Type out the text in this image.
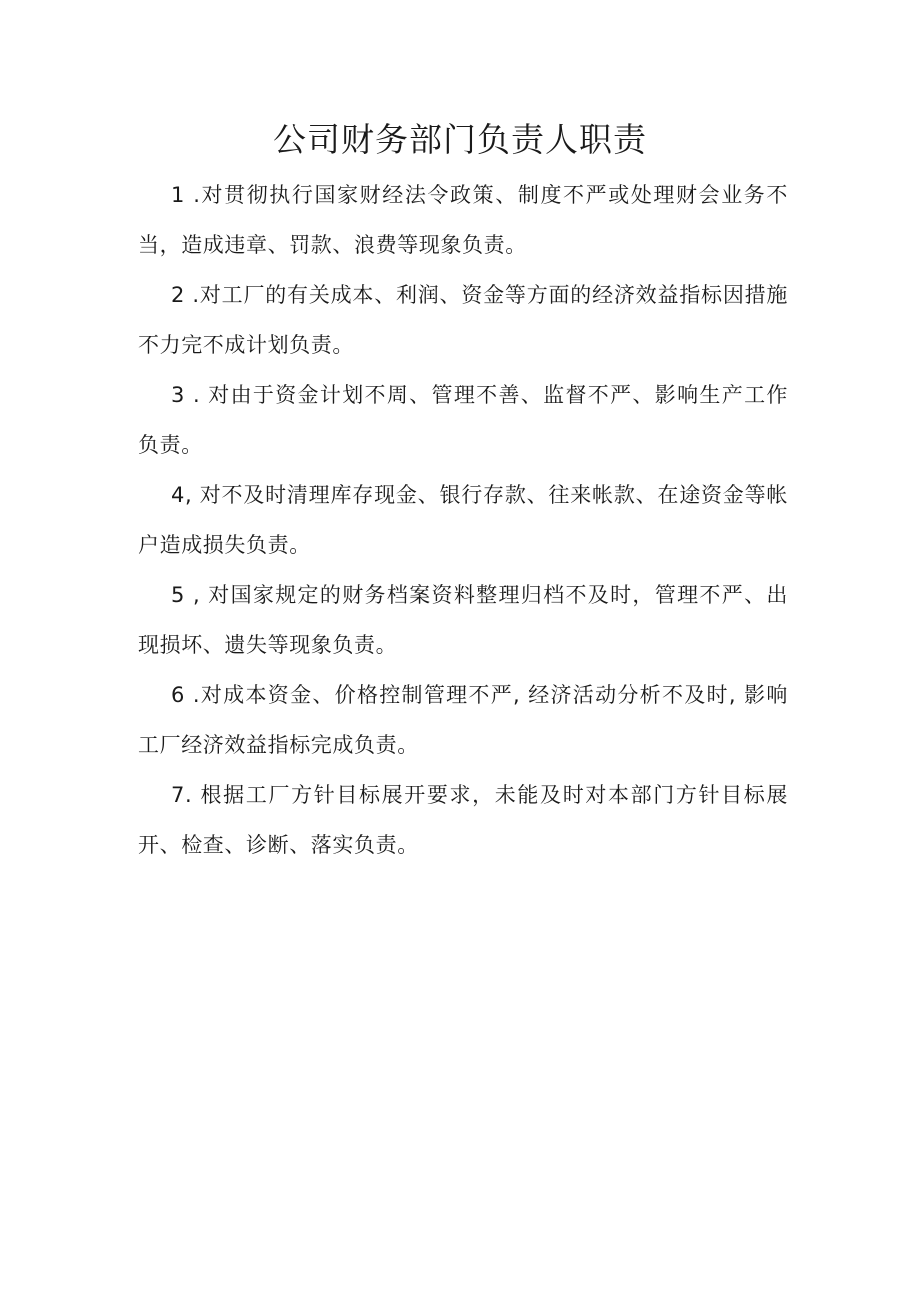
公司财务部门负责人职责

1 .对贯彻执行国家财经法令政策、制度不严或处理财会业务不当，造成违章、罚款、浪费等现象负责。

2 .对工厂的有关成本、利润、资金等方面的经济效益指标因措施不力完不成计划负责。

3 . 对由于资金计划不周、管理不善、监督不严、影响生产工作负责。

4, 对不及时清理库存现金、银行存款、往来帐款、在途资金等帐户造成损失负责。

5 , 对国家规定的财务档案资料整理归档不及时，管理不严、出现损坏、遗失等现象负责。

6 .对成本资金、价格控制管理不严, 经济活动分析不及时, 影响工厂经济效益指标完成负责。

7. 根据工厂方针目标展开要求，未能及时对本部门方针目标展开、检查、诊断、落实负责。
